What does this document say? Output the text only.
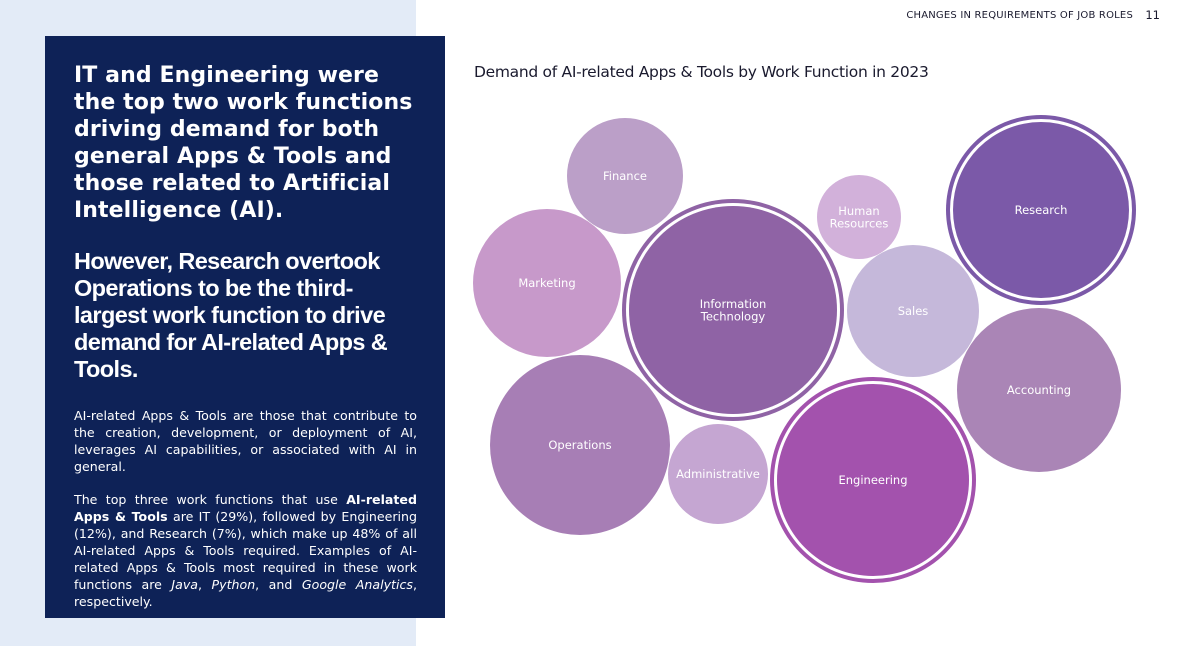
IT and Engineering were the top two work functions driving demand for both general Apps & Tools and those related to Artificial Intelligence (AI).
However, Research overtook Operations to be the third-largest work function to drive demand for AI-related Apps & Tools.

AI-related Apps & Tools are those that contribute to the creation, development, or deployment of AI, leverages AI capabilities, or associated with AI in general.

The top three work functions that use AI-related Apps & Tools are IT (29%), followed by Engineering (12%), and Research (7%), which make up 48% of all AI-related Apps & Tools required. Examples of AI-related Apps & Tools most required in these work functions are Java, Python, and Google Analytics, respectively.

CHANGES IN REQUIREMENTS OF JOB ROLES 11
Demand of AI-related Apps & Tools by Work Function in 2023
Information
Technology
Engineering
Research
Operations
Accounting
Marketing
Sales
Finance
Administrative
Human
Resources
